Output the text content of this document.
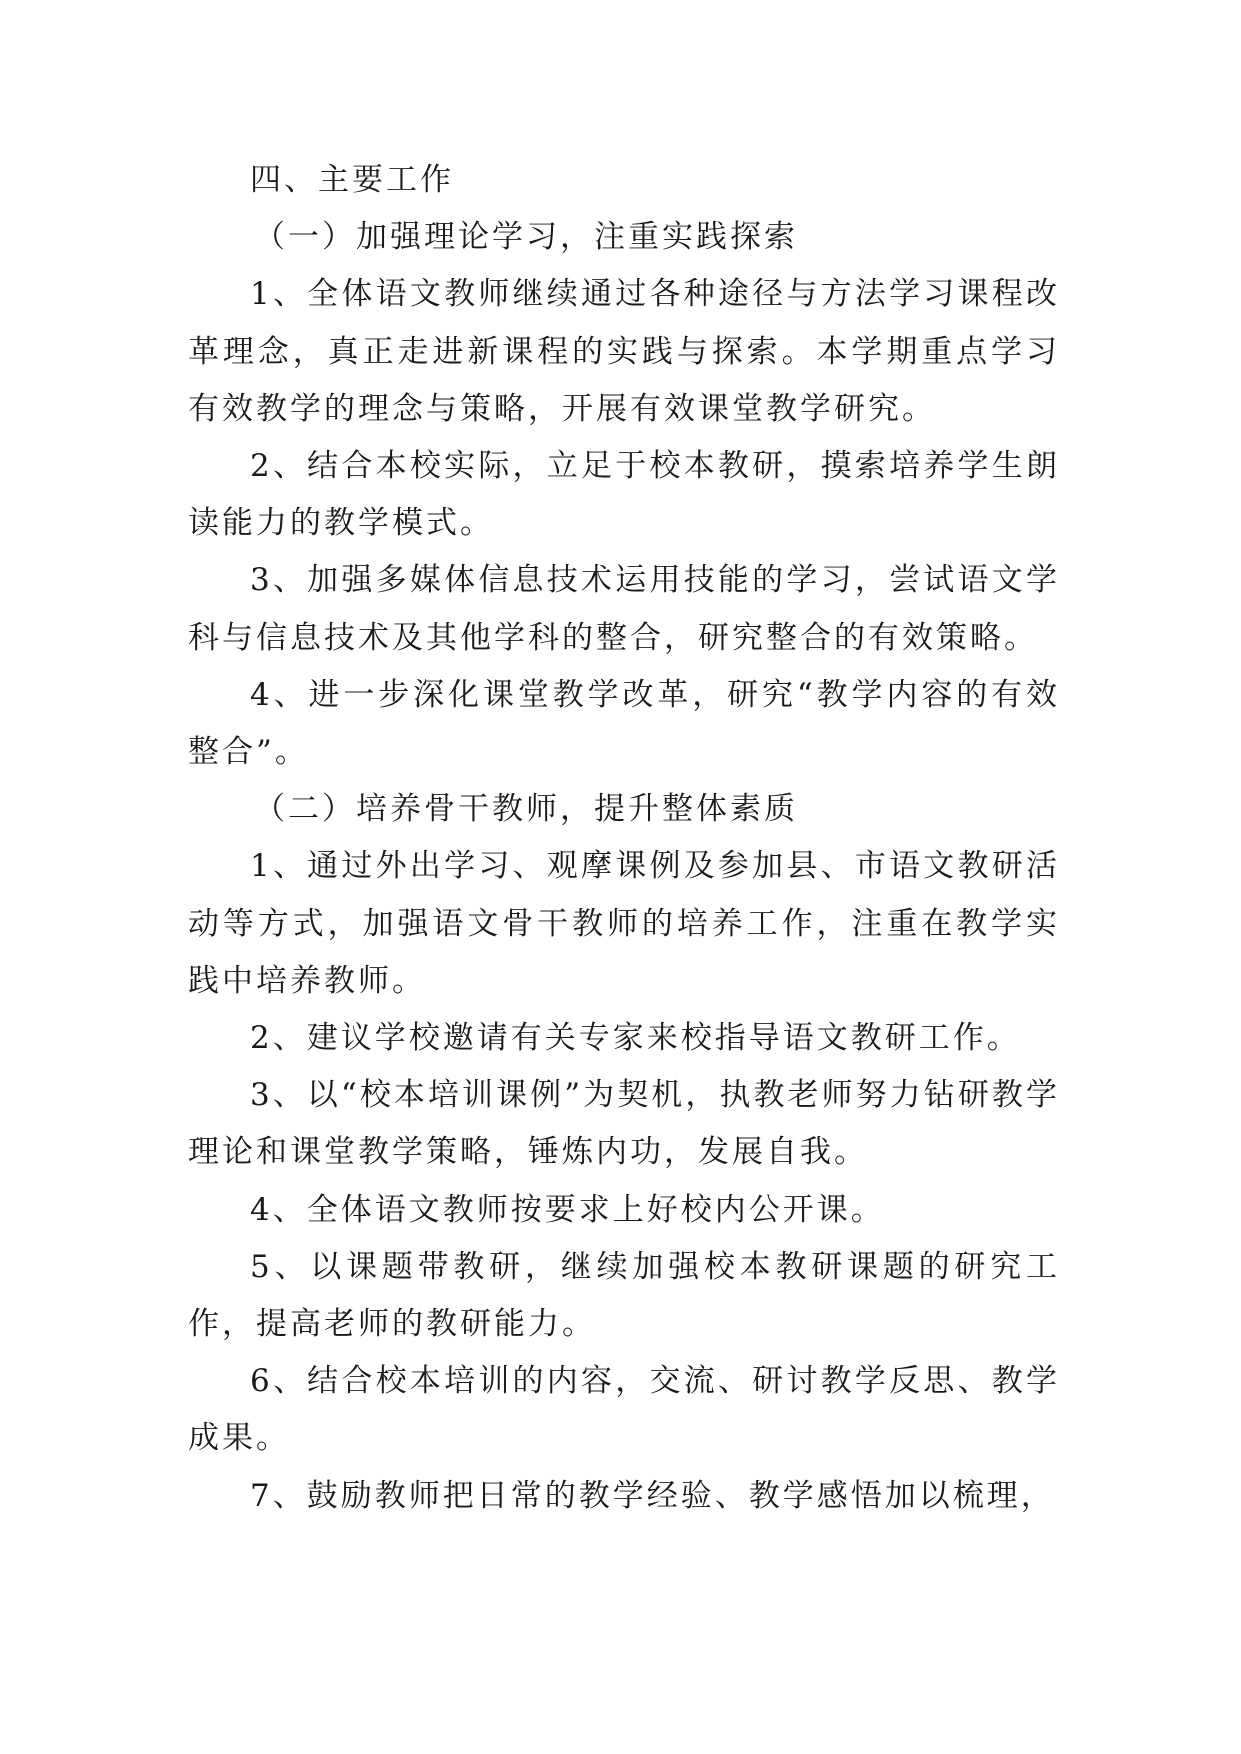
四、主要工作

（一）加强理论学习，注重实践探索

1、全体语文教师继续通过各种途径与方法学习课程改革理念，真正走进新课程的实践与探索。本学期重点学习有效教学的理念与策略，开展有效课堂教学研究。

2、结合本校实际，立足于校本教研，摸索培养学生朗读能力的教学模式。

3、加强多媒体信息技术运用技能的学习，尝试语文学科与信息技术及其他学科的整合，研究整合的有效策略。

4、进一步深化课堂教学改革，研究“教学内容的有效整合”。

（二）培养骨干教师，提升整体素质

1、通过外出学习、观摩课例及参加县、市语文教研活动等方式，加强语文骨干教师的培养工作，注重在教学实践中培养教师。

2、建议学校邀请有关专家来校指导语文教研工作。

3、以“校本培训课例”为契机，执教老师努力钻研教学理论和课堂教学策略，锤炼内功，发展自我。

4、全体语文教师按要求上好校内公开课。

5、以课题带教研，继续加强校本教研课题的研究工作，提高老师的教研能力。

6、结合校本培训的内容，交流、研讨教学反思、教学成果。

7、鼓励教师把日常的教学经验、教学感悟加以梳理，
